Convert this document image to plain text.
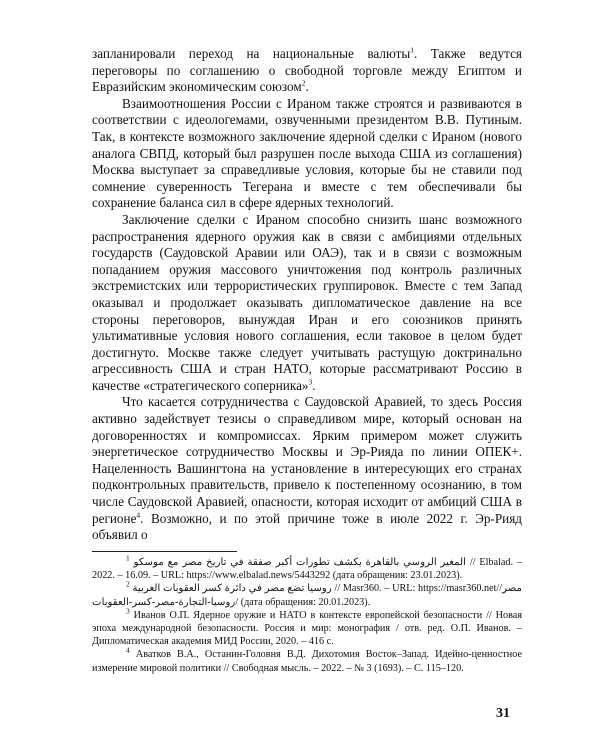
запланировали переход на национальные валюты$^1$. Также ведутся переговоры по соглашению о свободной торговле между Египтом и Евразийским экономическим союзом$^2$.

Взаимоотношения России с Ираном также строятся и развиваются в соответствии с идеологемами, озвученными президентом В.В. Путиным. Так, в контексте возможного заключение ядерной сделки с Ираном (нового аналога СВПД, который был разрушен после выхода США из соглашения) Москва выступает за справедливые условия, которые бы не ставили под сомнение суверенность Тегерана и вместе с тем обеспечивали бы сохранение баланса сил в сфере ядерных технологий.

Заключение сделки с Ираном способно снизить шанс возможного распространения ядерного оружия как в связи с амбициями отдельных государств (Саудовской Аравии или ОАЭ), так и в связи с возможным попаданием оружия массового уничтожения под контроль различных экстремистских или террористических группировок. Вместе с тем Запад оказывал и продолжает оказывать дипломатическое давление на все стороны переговоров, вынуждая Иран и его союзников принять ультимативные условия нового соглашения, если таковое в целом будет достигнуто. Москве также следует учитывать растущую доктринально агрессивность США и стран НАТО, которые рассматривают Россию в качестве «стратегического соперника»$^3$.

Что касается сотрудничества с Саудовской Аравией, то здесь Россия активно задействует тезисы о справедливом мире, который основан на договоренностях и компромиссах. Ярким примером может служить энергетическое сотрудничество Москвы и Эр-Рияда по линии ОПЕК+. Нацеленность Вашингтона на установление в интересующих его странах подконтрольных правительств, привело к постепенному осознанию, в том числе Саудовской Аравией, опасности, которая исходит от амбиций США в регионе$^4$. Возможно, и по этой причине тоже в июле 2022 г. Эр-Рияд объявил о

$^1$ المغير الروسي بالقاهرة يكشف تطورات أكبر صفقة في تاريخ مصر مع موسكو // Elbalad. – 2022. – 16.09. – URL: https://www.elbalad.news/5443292 (дата обращения: 23.01.2023).

$^2$ روسيا تضع مصر في دائرة كسر العقوبات الغربية // Masr360. – URL: https://masr360.net/مصر/روسيا-التجارة-مصر-كسر-العقوبات/ (дата обращения: 20.01.2023).

$^3$ Иванов О.П. Ядерное оружие и НАТО в контексте европейской безопасности // Новая эпоха международной безопасности. Россия и мир: монография / отв. ред. О.П. Иванов. – Дипломатическая академия МИД России, 2020. – 416 с.

$^4$ Аватков В.А., Останин-Головня В.Д. Дихотомия Восток–Запад. Идейно-ценностное измерение мировой политики // Свободная мысль. – 2022. – № 3 (1693). – С. 115–120.

31
